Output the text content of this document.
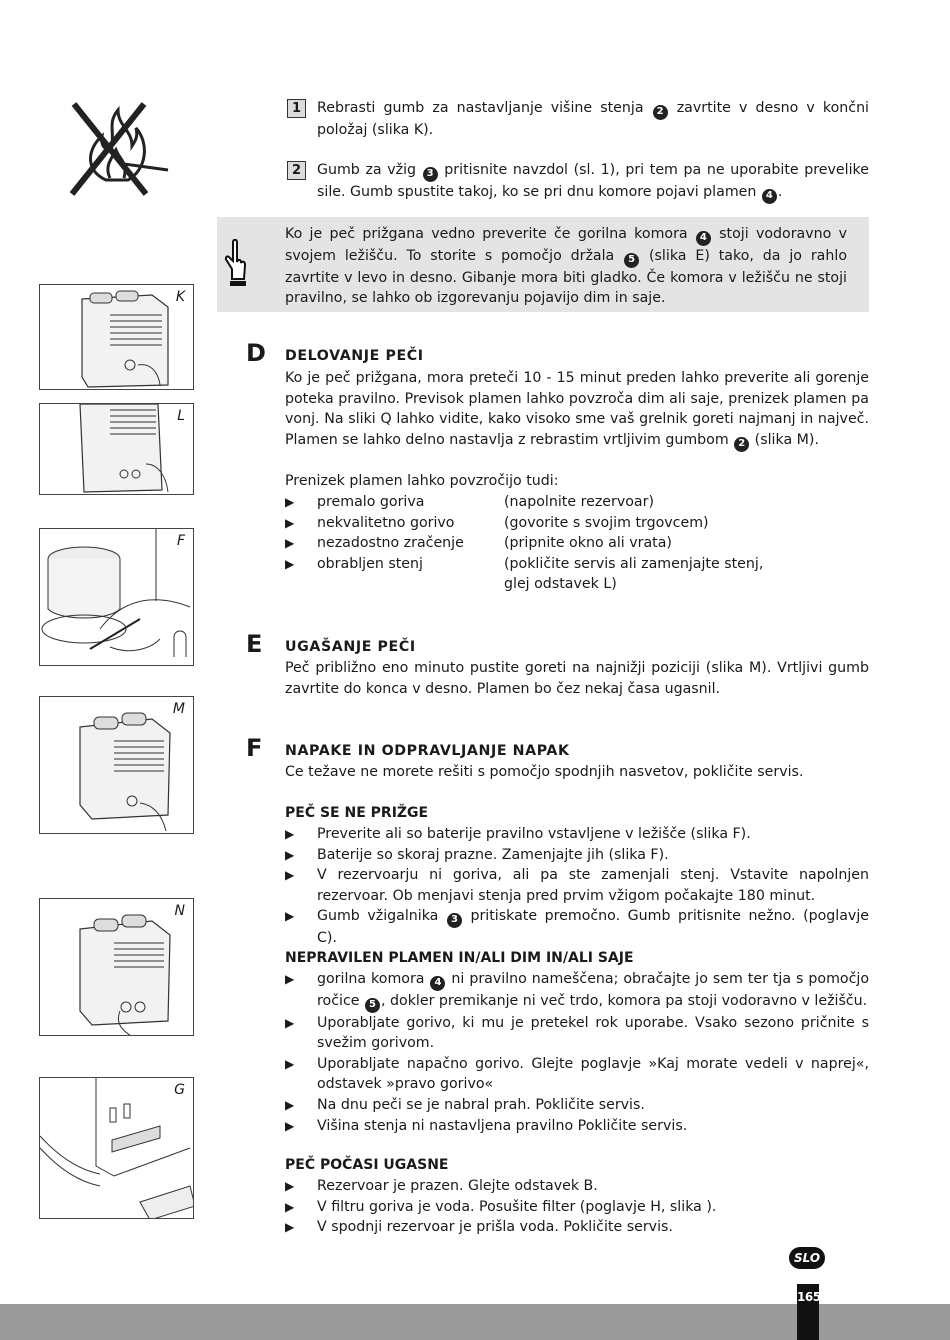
1 Rebrasti gumb za nastavljanje višine stenja 2 zavrtite v desno v končni položaj (slika K).

2 Gumb za vžig 3 pritisnite navzdol (sl. 1), pri tem pa ne uporabite prevelike sile. Gumb spustite takoj, ko se pri dnu komore pojavi plamen 4 .

Ko je peč prižgana vedno preverite če gorilna komora 4 stoji vodoravno v svojem ležišču. To storite s pomočjo držala 5 (slika E) tako, da jo rahlo zavrtite v levo in desno. Gibanje mora biti gladko. Če komora v ležišču ne stoji pravilno, se lahko ob izgorevanju pojavijo dim in saje.

D DELOVANJE PEČI

Ko je peč prižgana, mora preteči 10 - 15 minut preden lahko preverite ali gorenje poteka pravilno. Previsok plamen lahko povzroča dim ali saje, prenizek plamen pa vonj. Na sliki Q lahko vidite, kako visoko sme vaš grelnik goreti najmanj in največ. Plamen se lahko delno nastavlja z rebrastim vrtljivim gumbom 2 (slika M).

Prenizek plamen lahko povzročijo tudi:

▶ premalo goriva	(napolnite rezervoar)
▶ nekvalitetno gorivo	(govorite s svojim trgovcem)
▶ nezadostno zračenje	(pripnite okno ali vrata)
▶ obrabljen stenj	(pokličite servis ali zamenjajte stenj,
glej odstavek L)
E UGAŠANJE PEČI

Peč približno eno minuto pustite goreti na najnižji poziciji (slika M). Vrtljivi gumb zavrtite do konca v desno. Plamen bo čez nekaj časa ugasnil.

F NAPAKE IN ODPRAVLJANJE NAPAK

Ce težave ne morete rešiti s pomočjo spodnjih nasvetov, pokličite servis.

PEČ SE NE PRIŽGE
▶ Preverite ali so baterije pravilno vstavljene v ležišče (slika F).
▶ Baterije so skoraj prazne. Zamenjajte jih (slika F).
▶ V rezervoarju ni goriva, ali pa ste zamenjali stenj. Vstavite napolnjen rezervoar. Ob menjavi stenja pred prvim vžigom počakajte 180 minut.
▶ Gumb vžigalnika 3 pritiskate premočno. Gumb pritisnite nežno. (poglavje C).
NEPRAVILEN PLAMEN IN/ALI DIM IN/ALI SAJE
▶ gorilna komora 4 ni pravilno nameščena; obračajte jo sem ter tja s pomočjo ročice 5 , dokler premikanje ni več trdo, komora pa stoji vodoravno v ležišču.
▶ Uporabljate gorivo, ki mu je pretekel rok uporabe. Vsako sezono pričnite s svežim gorivom.
▶ Uporabljate napačno gorivo. Glejte poglavje »Kaj morate vedeli v naprej«, odstavek »pravo gorivo«
▶ Na dnu peči se je nabral prah. Pokličite servis.
▶ Višina stenja ni nastavljena pravilno Pokličite servis.
PEČ POČASI UGASNE
▶ Rezervoar je prazen. Glejte odstavek B.
▶ V filtru goriva je voda. Posušite filter (poglavje H, slika ).
▶ V spodnji rezervoar je prišla voda. Pokličite servis.
K
L
F
M
N
G
SLO
165
